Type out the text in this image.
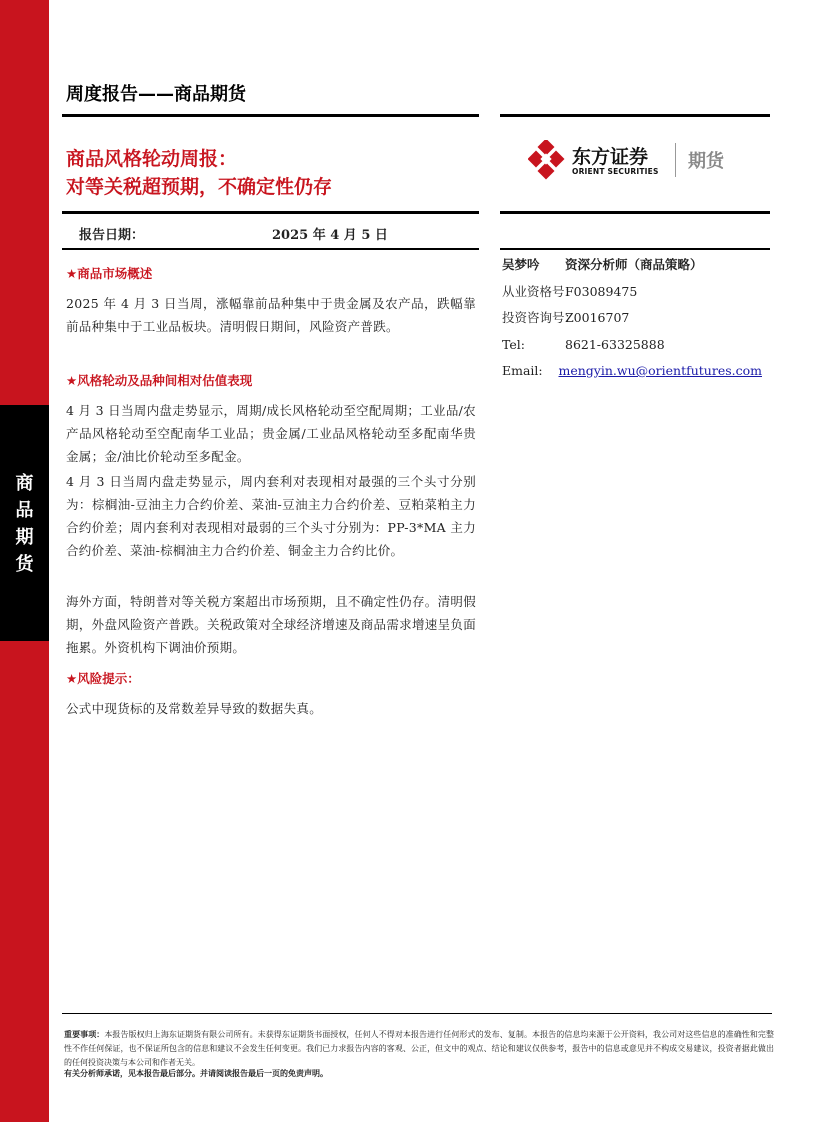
商
品
期
货
周度报告——商品期货
商品风格轮动周报：
对等关税超预期，不确定性仍存
东方证券
ORIENT SECURITIES 期货
报告日期：	2025 年 4 月 5 日
★商品市场概述
2025 年 4 月 3 日当周，涨幅靠前品种集中于贵金属及农产品，跌幅靠前品种集中于工业品板块。清明假日期间，风险资产普跌。
★风格轮动及品种间相对估值表现
4 月 3 日当周内盘走势显示，周期/成长风格轮动至空配周期；工业品/农产品风格轮动至空配南华工业品；贵金属/工业品风格轮动至多配南华贵金属；金/油比价轮动至多配金。
4 月 3 日当周内盘走势显示，周内套利对表现相对最强的三个头寸分别为：棕榈油-豆油主力合约价差、菜油-豆油主力合约价差、豆粕菜粕主力合约价差；周内套利对表现相对最弱的三个头寸分别为：PP-3*MA 主力合约价差、菜油-棕榈油主力合约价差、铜金主力合约比价。
海外方面，特朗普对等关税方案超出市场预期，且不确定性仍存。清明假期，外盘风险资产普跌。关税政策对全球经济增速及商品需求增速呈负面拖累。外资机构下调油价预期。
★风险提示：
公式中现货标的及常数差异导致的数据失真。
吴梦吟	资深分析师（商品策略）
从业资格号：
F03089475
投资咨询号：
Z0016707
Tel:	8621-63325888
Email:	mengyin.wu@orientfutures.com
重要事项：本报告版权归上海东证期货有限公司所有。未获得东证期货书面授权，任何人不得对本报告进行任何形式的发布、复制。本报告的信息均来源于公开资料，我公司对这些信息的准确性和完整性不作任何保证，也不保证所包含的信息和建议不会发生任何变更。我们已力求报告内容的客观、公正，但文中的观点、结论和建议仅供参考，报告中的信息或意见并不构成交易建议，投资者据此做出的任何投资决策与本公司和作者无关。
有关分析师承诺，见本报告最后部分。并请阅读报告最后一页的免责声明。
